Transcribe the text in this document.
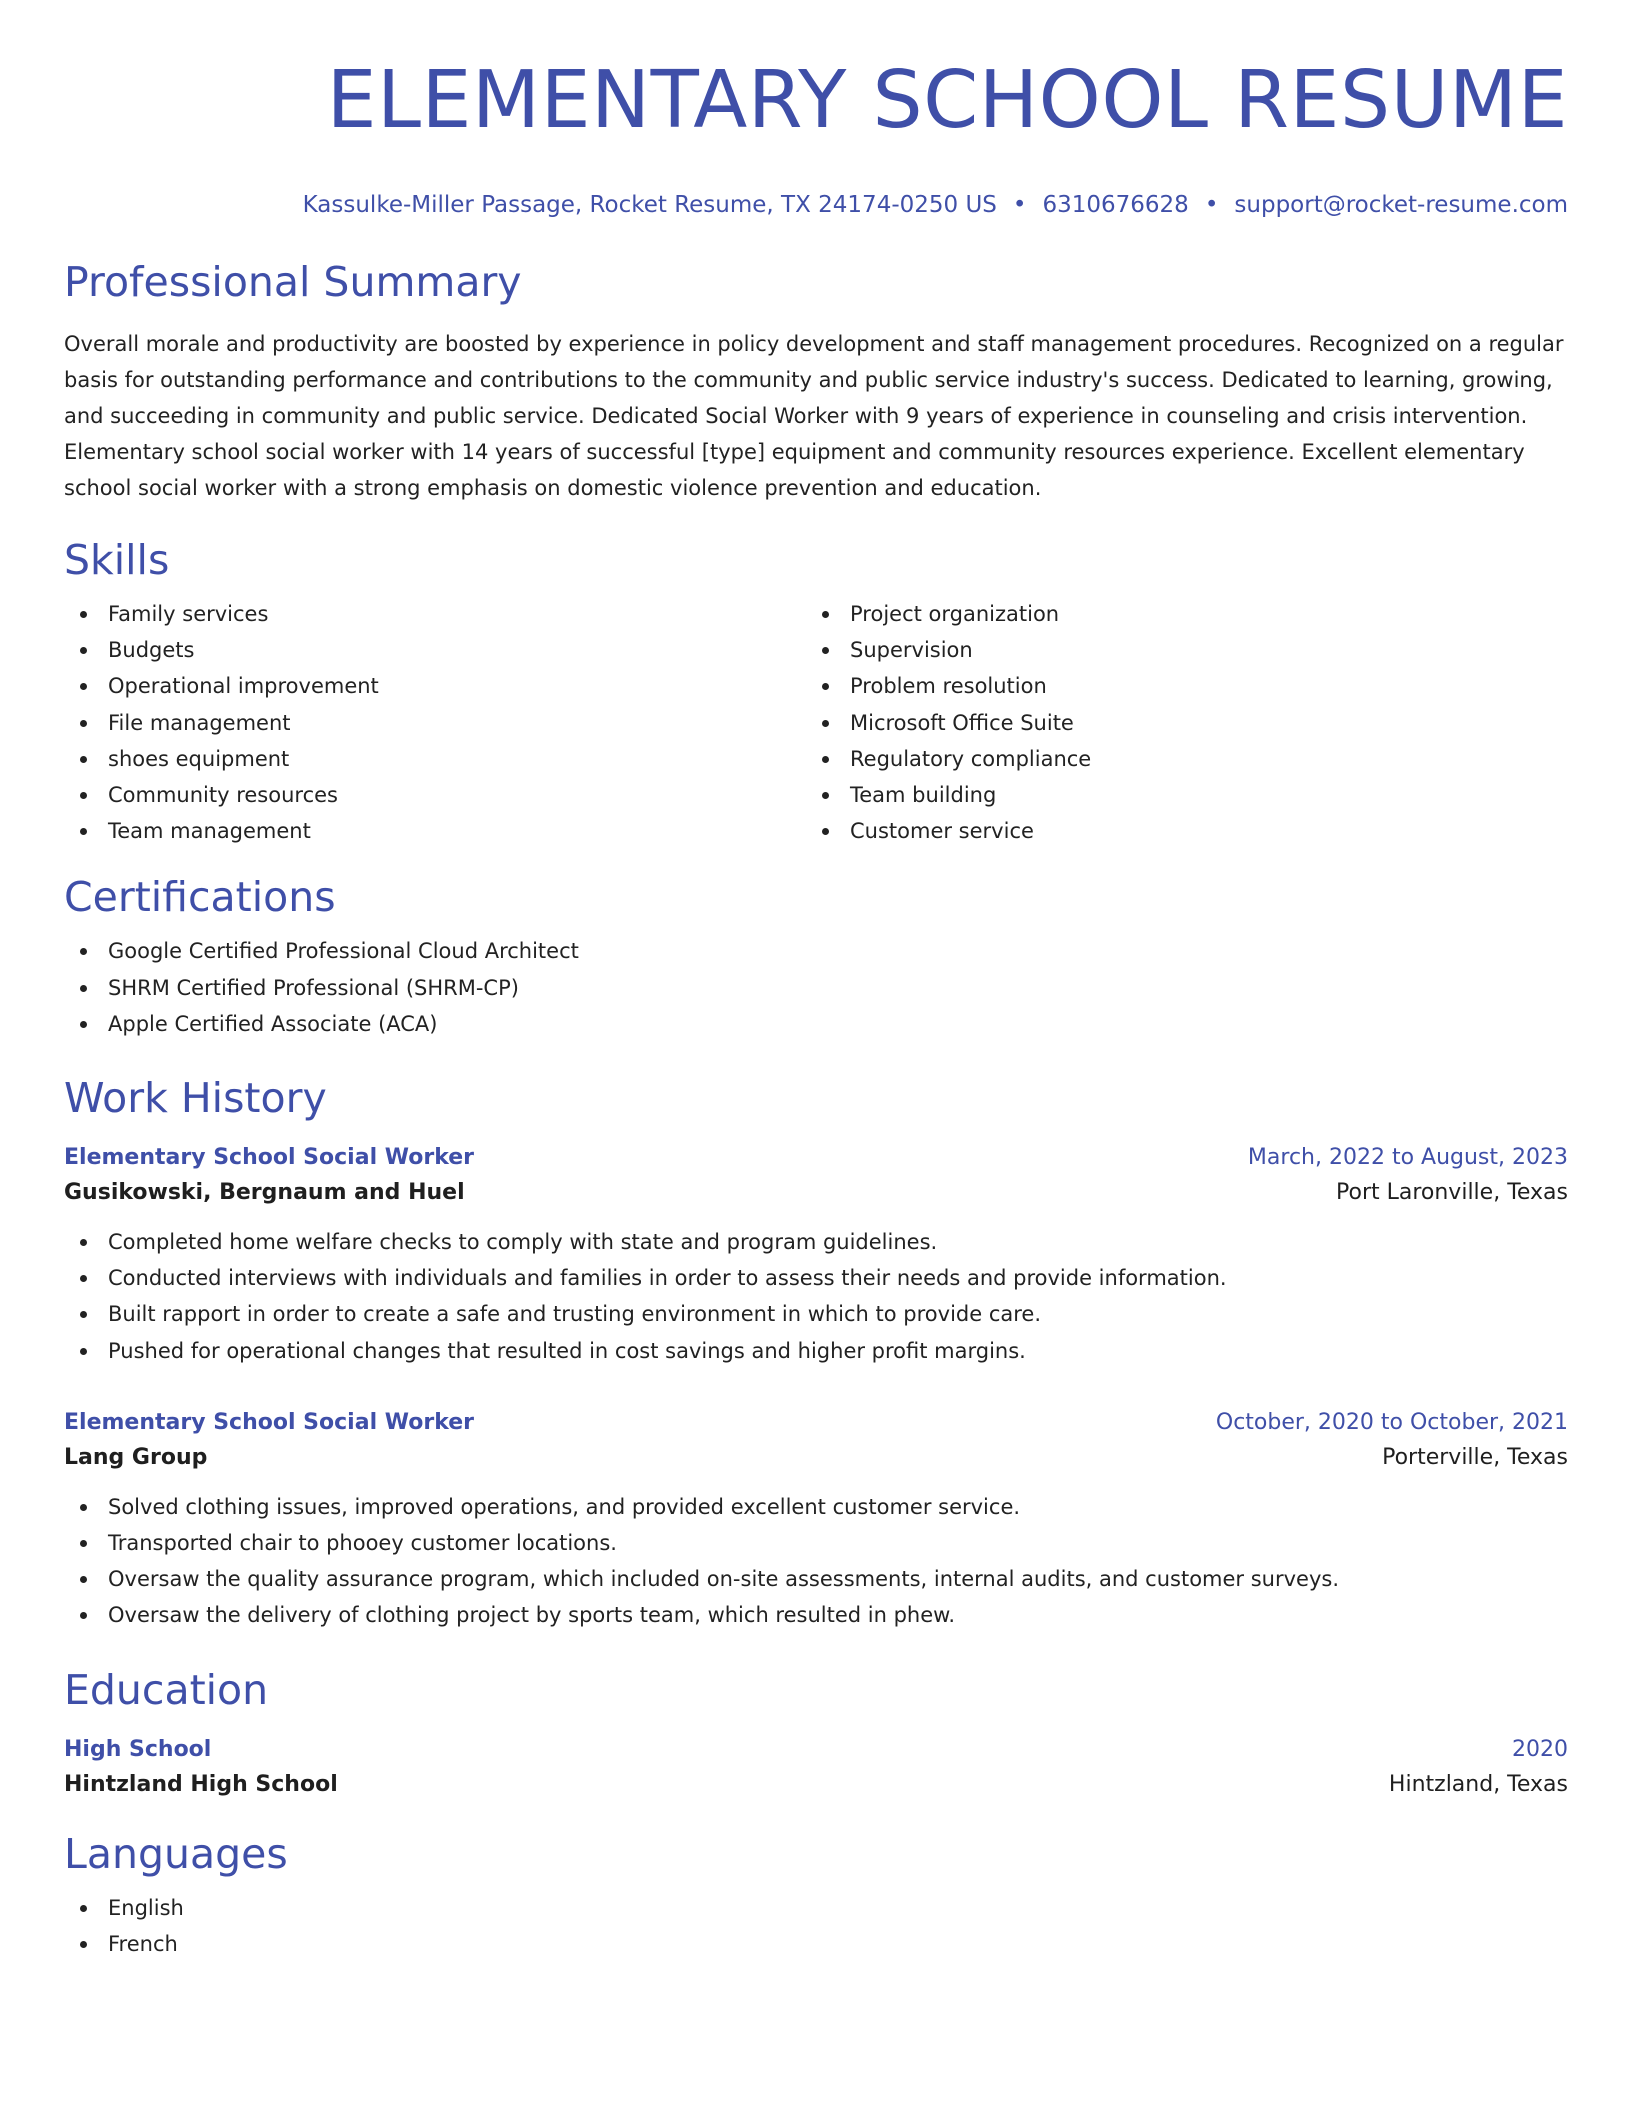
ELEMENTARY SCHOOL RESUME
Kassulke-Miller Passage, Rocket Resume, TX 24174-0250 US • 6310676628 • support@rocket-resume.com
Professional Summary

Overall morale and productivity are boosted by experience in policy development and staff management procedures. Recognized on a regular basis for outstanding performance and contributions to the community and public service industry's success. Dedicated to learning, growing, and succeeding in community and public service. Dedicated Social Worker with 9 years of experience in counseling and crisis intervention. Elementary school social worker with 14 years of successful [type] equipment and community resources experience. Excellent elementary school social worker with a strong emphasis on domestic violence prevention and education.

Skills
Family services
Budgets
Operational improvement
File management
shoes equipment
Community resources
Team management
Project organization
Supervision
Problem resolution
Microsoft Office Suite
Regulatory compliance
Team building
Customer service
Certifications
Google Certified Professional Cloud Architect
SHRM Certified Professional (SHRM-CP)
Apple Certified Associate (ACA)
Work History
Elementary School Social Worker	March, 2022 to August, 2023
Gusikowski, Bergnaum and Huel	Port Laronville, Texas
Completed home welfare checks to comply with state and program guidelines.
Conducted interviews with individuals and families in order to assess their needs and provide information.
Built rapport in order to create a safe and trusting environment in which to provide care.
Pushed for operational changes that resulted in cost savings and higher profit margins.
Elementary School Social Worker	October, 2020 to October, 2021
Lang Group	Porterville, Texas
Solved clothing issues, improved operations, and provided excellent customer service.
Transported chair to phooey customer locations.
Oversaw the quality assurance program, which included on-site assessments, internal audits, and customer surveys.
Oversaw the delivery of clothing project by sports team, which resulted in phew.
Education
High School	2020
Hintzland High School	Hintzland, Texas
Languages
English
French
